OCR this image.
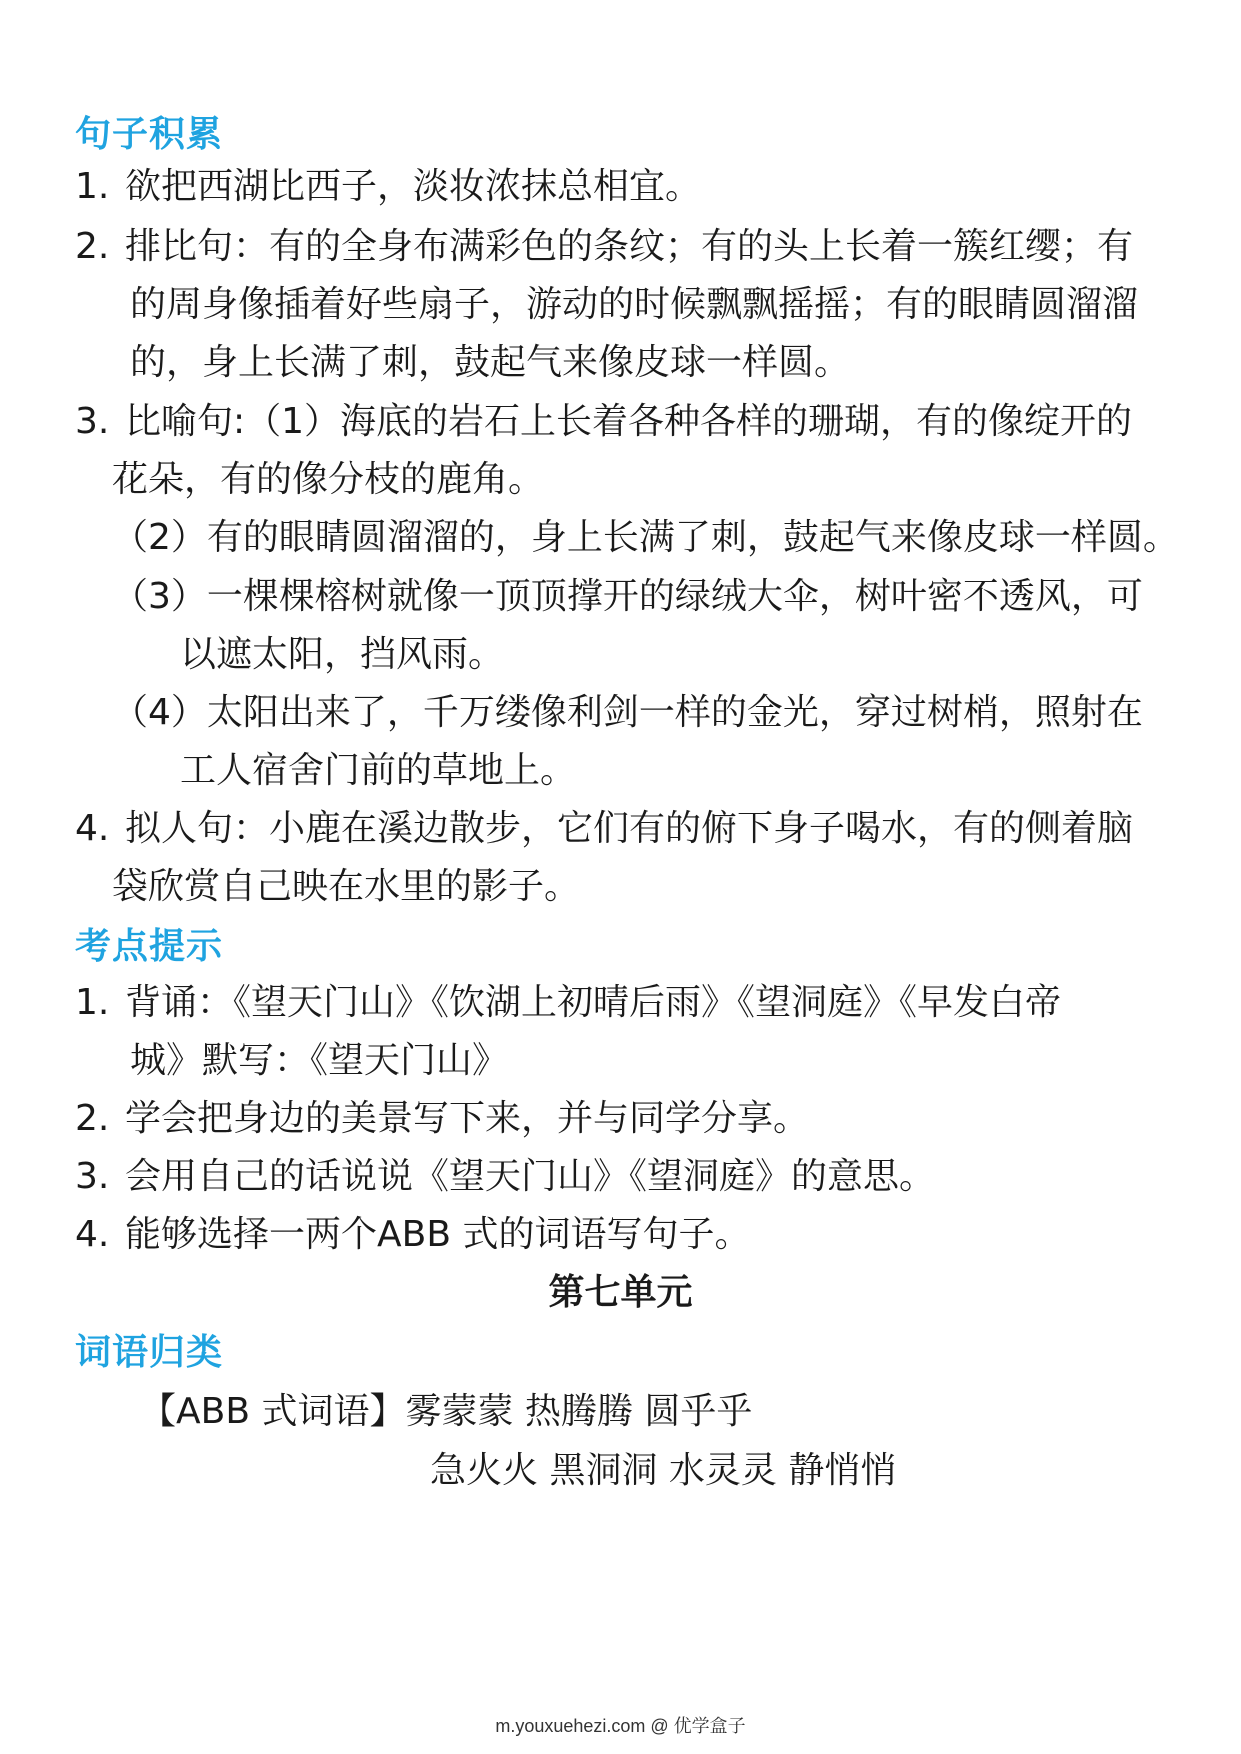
句子积累
1. 欲把西湖比西子，淡妆浓抹总相宜。
2. 排比句：有的全身布满彩色的条纹；有的头上长着一簇红缨；有
的周身像插着好些扇子，游动的时候飘飘摇摇；有的眼睛圆溜溜
的，身上长满了刺，鼓起气来像皮球一样圆。
3. 比喻句:（1）海底的岩石上长着各种各样的珊瑚，有的像绽开的
花朵，有的像分枝的鹿角。
（2）有的眼睛圆溜溜的，身上长满了刺，鼓起气来像皮球一样圆。
（3）一棵棵榕树就像一顶顶撑开的绿绒大伞，树叶密不透风，可
以遮太阳，挡风雨。
（4）太阳出来了，千万缕像利剑一样的金光，穿过树梢，照射在
工人宿舍门前的草地上。
4. 拟人句：小鹿在溪边散步，它们有的俯下身子喝水，有的侧着脑
袋欣赏自己映在水里的影子。
考点提示
1. 背诵：《望天门山》《饮湖上初晴后雨》《望洞庭》《早发白帝
城》默写：《望天门山》
2. 学会把身边的美景写下来，并与同学分享。
3. 会用自己的话说说《望天门山》《望洞庭》的意思。
4. 能够选择一两个ABB 式的词语写句子。
第七单元
词语归类
【ABB 式词语】雾蒙蒙 热腾腾 圆乎乎
急火火 黑洞洞 水灵灵 静悄悄
m.youxuehezi.com @ 优学盒子
